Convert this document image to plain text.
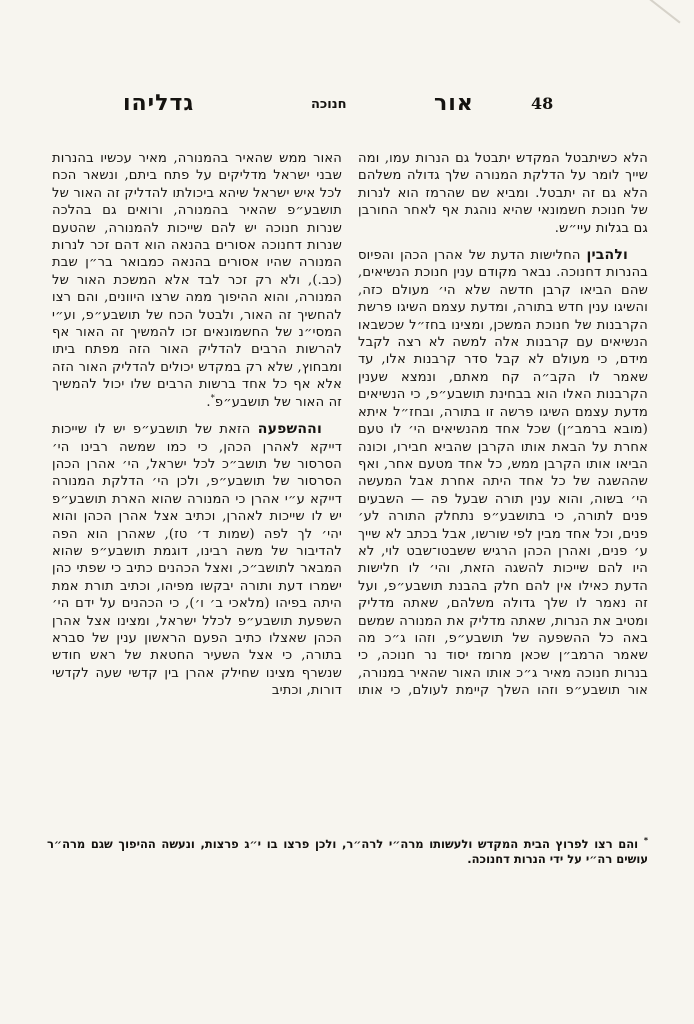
גדליהו	חנוכה	אור	48

הלא כשיתבטל המקדש יתבטל גם הנרות עמו, ומה שייך לומר על הדלקת המנורה שלך גדולה משלהם הלא גם זה יתבטל. ומביא שם שהרמז הוא לנרות של חנוכת חשמונאי שהיא נוהגת אף לאחר החורבן גם בגלות עיי״ש.

ולהבין החלישות הדעת של אהרן הכהן והפיוס בהנרות דחנוכה. נבאר מקודם ענין חנוכת הנשיאים, שהם הביאו קרבן חדשה שלא הי׳ מעולם כזה, והשיגו ענין חדש בתורה, ומדעת עצמם השיגו פרשת הקרבנות של חנוכת המשכן, ומצינו בחז״ל שכשבאו הנשיאים עם קרבנות אלה למשה לא רצה לקבל מידם, כי מעולם לא קבל סדר קרבנות אלו, עד שאמר לו הקב״ה קח מאתם, ונמצא שענין הקרבנות האלו הוא בבחינת תושבע״פ, כי הנשיאים מדעת עצמם השיגו פרשה זו בתורה, ובחז״ל איתא (מובא ברמב״ן) שכל אחד מהנשיאים הי׳ לו טעם אחרת על הבאת אותו הקרבן שהביא חבירו, וכונה הביאו אותו הקרבן ממש, כל אחד מטעם אחר, ואף שההשגה של כל אחד היתה אחרת אבל המעשה הי׳ בשוה, והוא ענין תורה שבעל פה — השבעים פנים לתורה, כי בתושבע״פ נתחלק התורה לע׳ פנים, וכל אחד מבין לפי שורשו, אבל בכתב לא שייך ע׳ פנים, ואהרן הכהן הרגיש ששבטו־שבט לוי, לא היו להם שייכות להשגה הזאת, והי׳ לו חלישות הדעת כאילו אין להם חלק בהבנת תושבע״פ, ועל זה נאמר לו שלך גדולה משלהם, שאתה מדליק ומטיב את הנרות, שאתה מדליק את המנורה שמשם באה כל ההשפעה של תושבע״פ, וזהו ג״כ מה שאמר הרמב״ן שכאן מרומז יסוד נר חנוכה, כי בנרות חנוכה מאיר ג״כ אותו האור שהאיר במנורה, אור תושבע״פ וזהו השלך קיימת לעולם, כי אותו האור ממש שהאיר בהמנורה, מאיר עכשיו בהנרות שבני ישראל מדליקים על פתח ביתם, ונשאר הכח לכל איש ישראל שיהא ביכולתו להדליק זה האור של תושבע״פ שהאיר בהמנורה, ורואים גם בהלכה שנרות חנוכה יש להם שייכות להמנורה, שהטעם שנרות דחנוכה אסורים בהנאה הוא דהם זכר לנרות המנורה שהיו אסורים בהנאה כמבואר בר״ן שבת (כב.), ולא רק זכר לבד אלא המשכת האור של המנורה, והוא ההיפוך ממה שרצו היוונים, והם רצו להחשיך זה האור, ולבטל הכח של תושבע״פ, וע״י המסי״נ של החשמונאים זכו להמשיך זה האור אף להרשות הרבים להדליק האור הזה מפתח ביתו ומבחוץ, שלא רק במקדש יכולים להדליק האור הזה אלא אף כל אחד ברשות הרבים שלו יכול להמשיך זה האור של תושבע״פ*.

וההשפעה הזאת של תושבע״פ יש לו שייכות דייקא לאהרן הכהן, כי כמו שמשה רבינו הי׳ הסרסור של תושב״כ לכל ישראל, הי׳ אהרן הכהן הסרסור של תושבע״פ, ולכן הי׳ הדלקת המנורה דייקא ע״י אהרן כי המנורה שהוא הארת תושבע״פ יש לו שייכות לאהרן, וכתיב אצל אהרן הכהן והוא יהי׳ לך לפה (שמות ד׳ טז), שאהרן הוא הפה להדיבור של משה רבינו, דוגמת תושבע״פ שהוא המבאר לתושב״כ, ואצל הכהנים כתיב כי שפתי כהן ישמרו דעת ותורה יבקשו מפיהו, וכתיב תורת אמת היתה בפיהו (מלאכי ב׳ ו׳), כי הכהנים על ידם הי׳ השפעת תושבע״פ לכלל ישראל, ומצינו אצל אהרן הכהן שאצלו כתיב הפעם הראשון ענין של סברא בתורה, כי אצל השעיר החטאת של ראש חודש שנשרף מצינו שחילק אהרן בין קדשי שעה לקדשי דורות, וכתיב

* והם רצו לפרוץ הבית המקדש ולעשותו מרה״י לרה״ר, ולכן פרצו בו י״ג פרצות, ונעשה ההיפוך שגם מרה״ר עושים רה״י על ידי הנרות דחנוכה.
